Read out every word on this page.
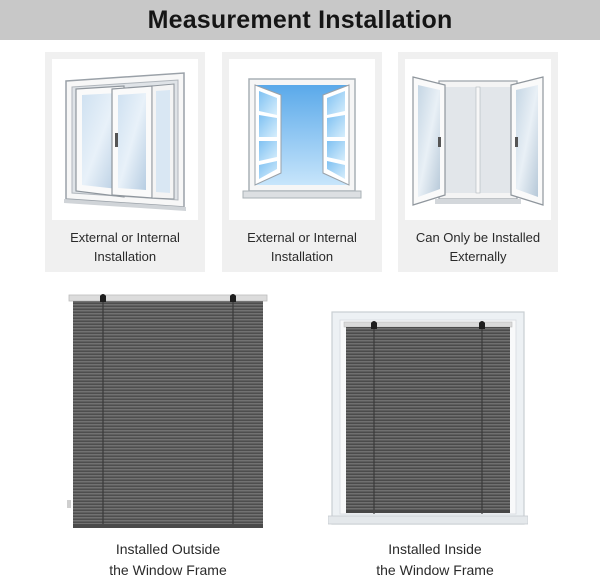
Measurement Installation
External or Internal Installation
External or Internal Installation
Can Only be Installed Externally
Installed Outside
the Window Frame
Installed Inside
the Window Frame
